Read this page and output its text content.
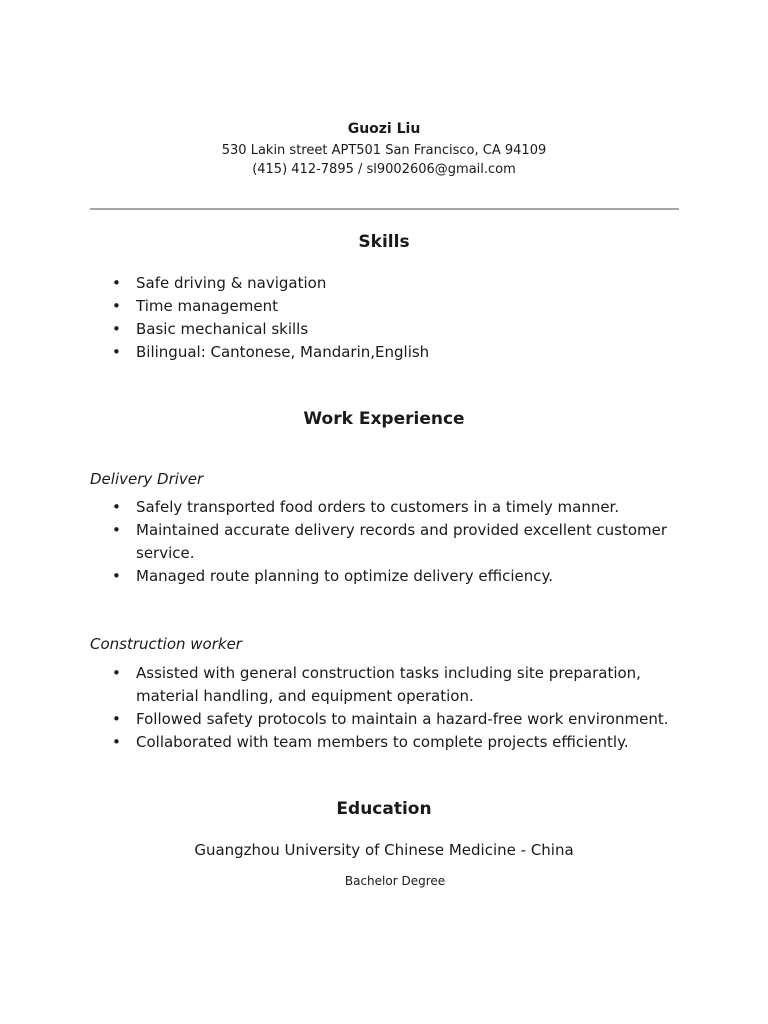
Guozi Liu
530 Lakin street APT501 San Francisco, CA 94109
(415) 412-7895 / sl9002606@gmail.com
Skills
• Safe driving & navigation
• Time management
• Basic mechanical skills
• Bilingual: Cantonese, Mandarin,English
Work Experience
Delivery Driver
• Safely transported food orders to customers in a timely manner.
• Maintained accurate delivery records and provided excellent customer service.
• Managed route planning to optimize delivery efficiency.
Construction worker
• Assisted with general construction tasks including site preparation, material handling, and equipment operation.
• Followed safety protocols to maintain a hazard-free work environment.
• Collaborated with team members to complete projects efficiently.
Education
Guangzhou University of Chinese Medicine - China
Bachelor Degree
